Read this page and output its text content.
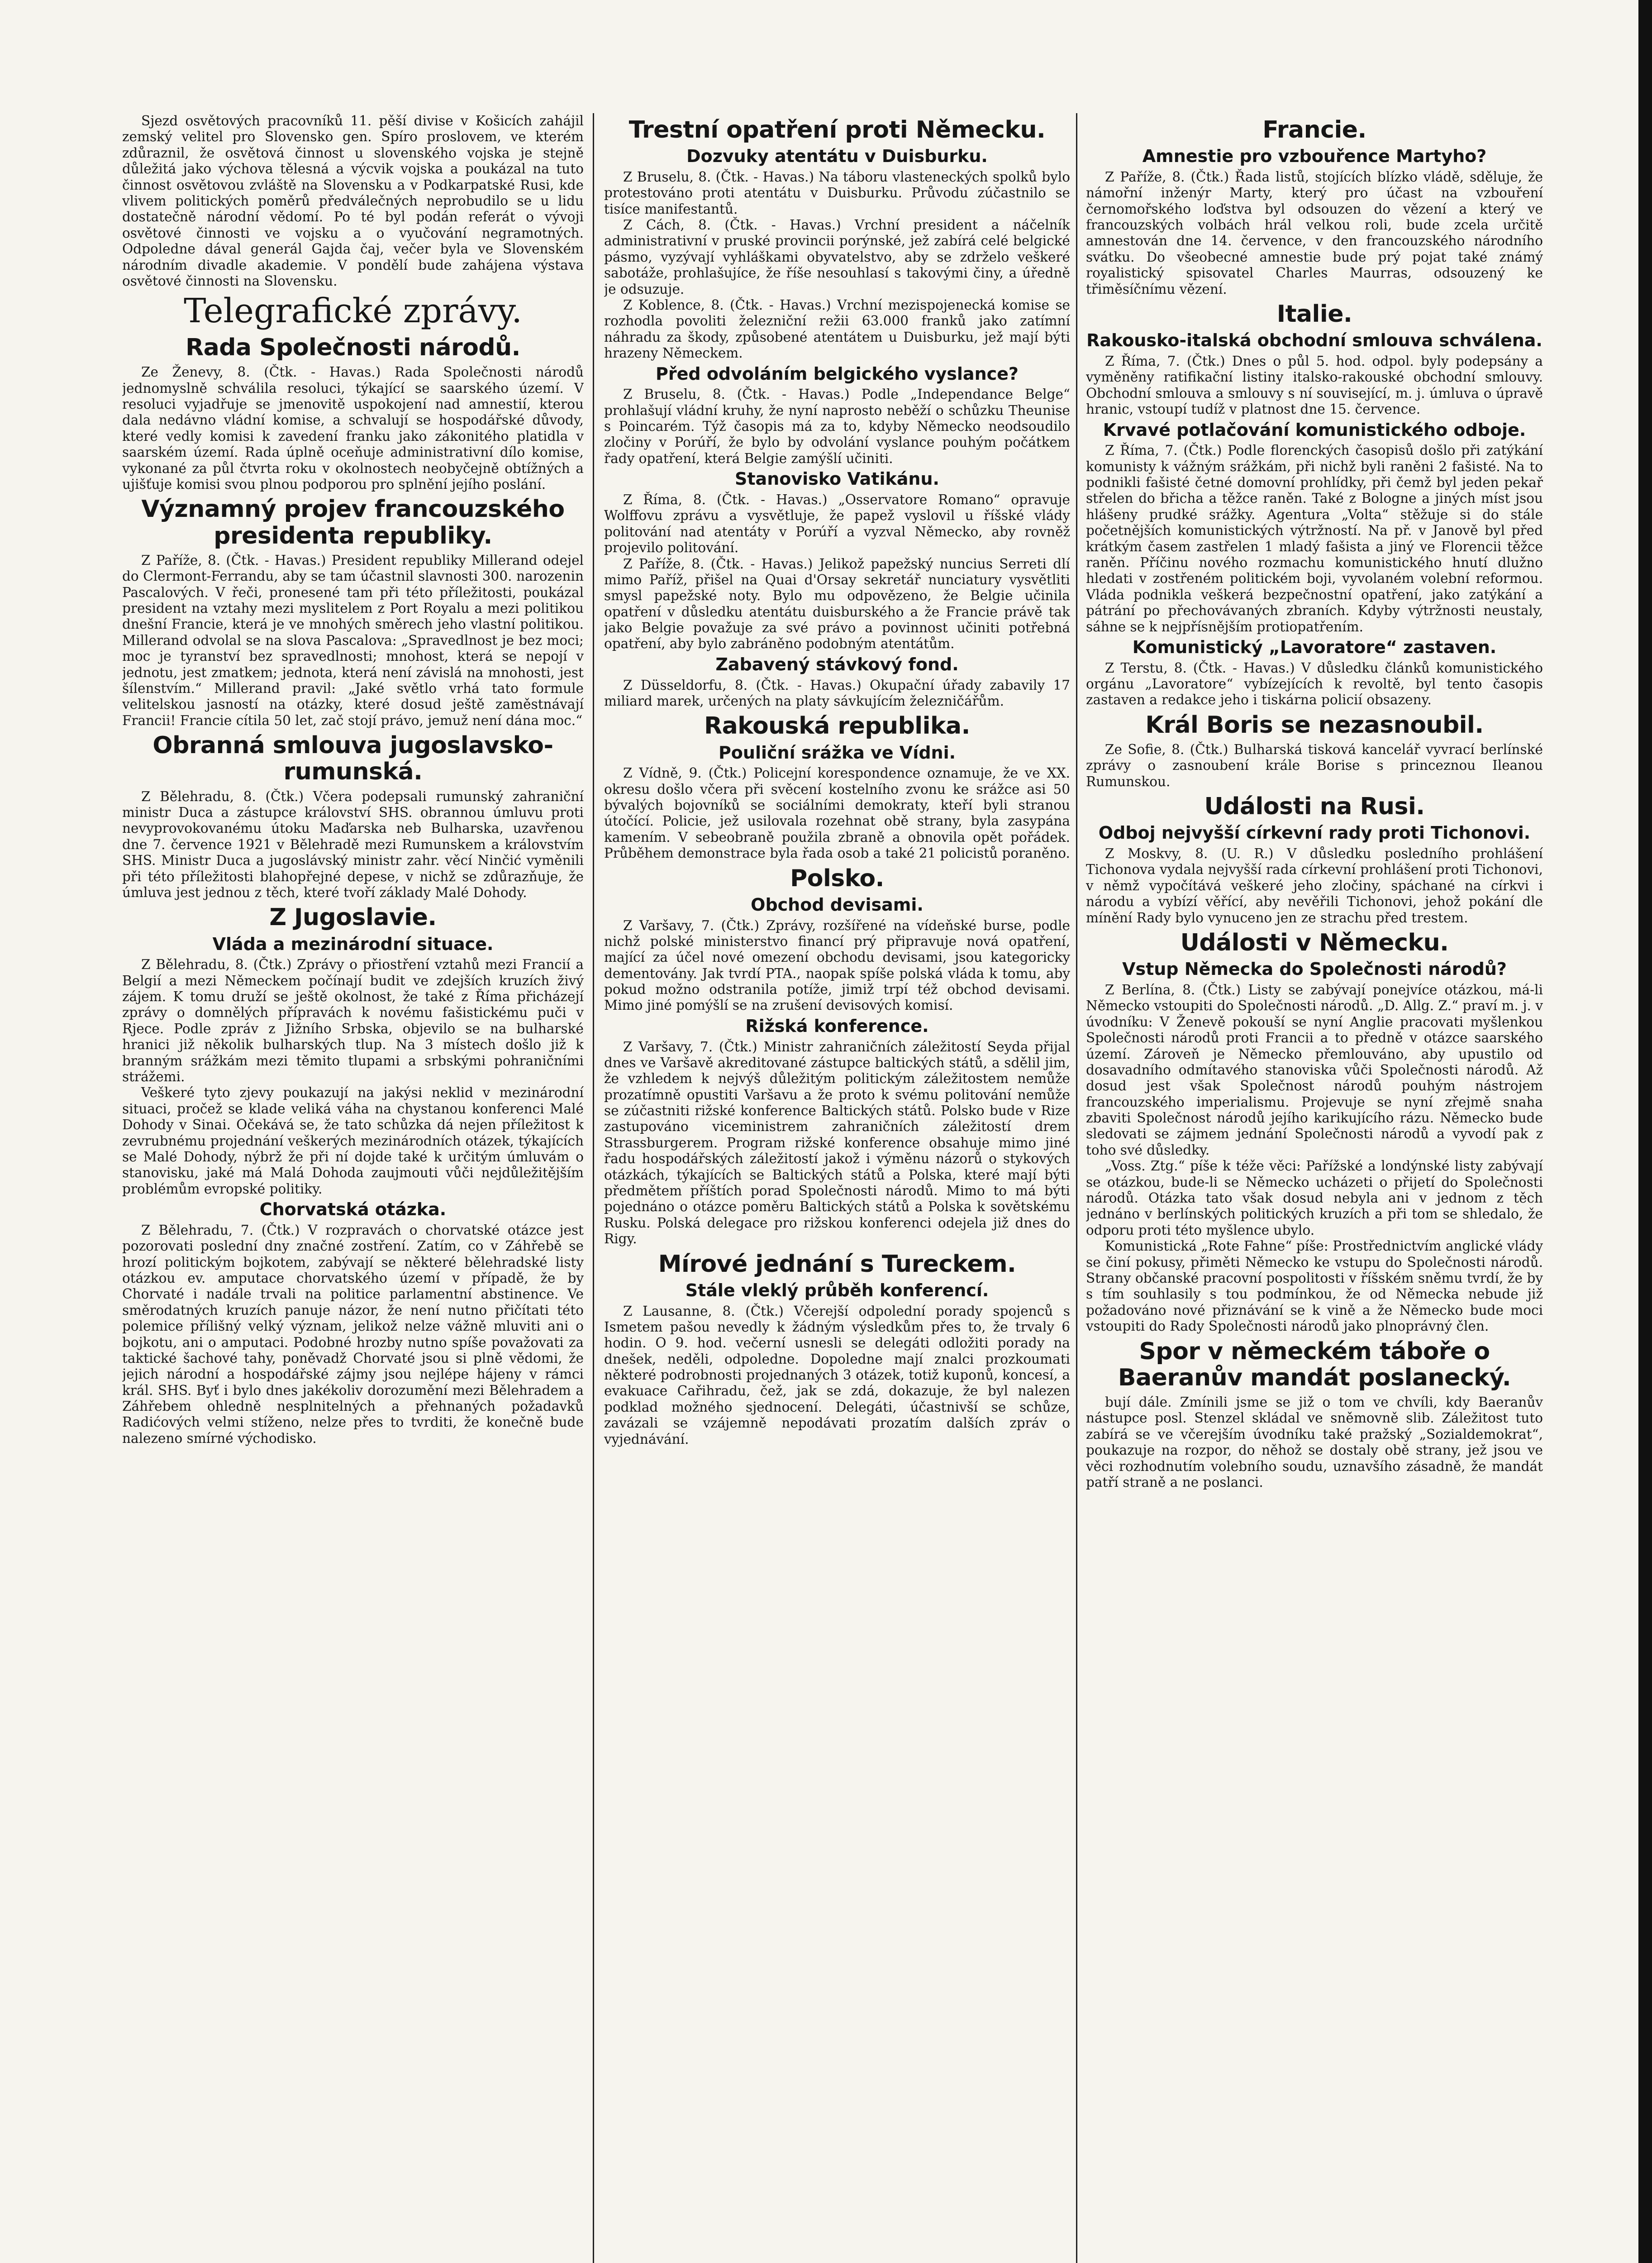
Sjezd osvětových pracovníků 11. pěší divise v Košicích zahájil zemský velitel pro Slovensko gen. Spíro proslovem, ve kterém zdůraznil, že osvětová činnost u slovenského vojska je stejně důležitá jako výchova tělesná a výcvik vojska a poukázal na tuto činnost osvětovou zvláště na Slovensku a v Podkarpatské Rusi, kde vlivem politických poměrů předválečných neprobudilo se u lidu dostatečně národní vědomí. Po té byl podán referát o vývoji osvětové činnosti ve vojsku a o vyučování negramotných. Odpoledne dával generál Gajda čaj, večer byla ve Slovenském národním divadle akademie. V pondělí bude zahájena výstava osvětové činnosti na Slovensku.
Telegrafické zprávy.
Rada Společnosti národů.
Ze Ženevy, 8. (Čtk. - Havas.) Rada Společnosti národů jednomyslně schválila resoluci, týkající se saarského území. V resoluci vyjadřuje se jmenovitě uspokojení nad amnestií, kterou dala nedávno vládní komise, a schvalují se hospodářské důvody, které vedly komisi k zavedení franku jako zákonitého platidla v saarském území. Rada úplně oceňuje administrativní dílo komise, vykonané za půl čtvrta roku v okolnostech neobyčejně obtížných a ujišťuje komisi svou plnou podporou pro splnění jejího poslání.
Významný projev francouzského presidenta republiky.
Z Paříže, 8. (Čtk. - Havas.) President republiky Millerand odejel do Clermont-Ferrandu, aby se tam účastnil slavnosti 300. narozenin Pascalových. V řeči, pronesené tam při této příležitosti, poukázal president na vztahy mezi myslitelem z Port Royalu a mezi politikou dnešní Francie, která je ve mnohých směrech jeho vlastní politikou. Millerand odvolal se na slova Pascalova: „Spravedlnost je bez moci; moc je tyranství bez spravedlnosti; mnohost, která se nepojí v jednotu, jest zmatkem; jednota, která není závislá na mnohosti, jest šílenstvím.“ Millerand pravil: „Jaké světlo vrhá tato formule velitelskou jasností na otázky, které dosud ještě zaměstnávají Francii! Francie cítila 50 let, zač stojí právo, jemuž není dána moc.“
Obranná smlouva jugoslavsko-rumunská.
Z Bělehradu, 8. (Čtk.) Včera podepsali rumunský zahraniční ministr Duca a zástupce království SHS. obrannou úmluvu proti nevyprovokovanému útoku Maďarska neb Bulharska, uzavřenou dne 7. července 1921 v Bělehradě mezi Rumunskem a královstvím SHS. Ministr Duca a jugoslávský ministr zahr. věcí Ninčić vyměnili při této příležitosti blahopřejné depese, v nichž se zdůrazňuje, že úmluva jest jednou z těch, které tvoří základy Malé Dohody.
Z Jugoslavie.
Vláda a mezinárodní situace.
Z Bělehradu, 8. (Čtk.) Zprávy o přiostření vztahů mezi Francií a Belgií a mezi Německem počínají budit ve zdejších kruzích živý zájem. K tomu druží se ještě okolnost, že také z Říma přicházejí zprávy o domnělých přípravách k novému fašistickému puči v Rjece. Podle zpráv z Jižního Srbska, objevilo se na bulharské hranici již několik bulharských tlup. Na 3 místech došlo již k branným srážkám mezi těmito tlupami a srbskými pohraničními strážemi.
Veškeré tyto zjevy poukazují na jakýsi neklid v mezinárodní situaci, pročež se klade veliká váha na chystanou konferenci Malé Dohody v Sinai. Očekává se, že tato schůzka dá nejen příležitost k zevrubnému projednání veškerých mezinárodních otázek, týkajících se Malé Dohody, nýbrž že při ní dojde také k určitým úmluvám o stanovisku, jaké má Malá Dohoda zaujmouti vůči nejdůležitějším problémům evropské politiky.
Chorvatská otázka.
Z Bělehradu, 7. (Čtk.) V rozpravách o chorvatské otázce jest pozorovati poslední dny značné zostření. Zatím, co v Záhřebě se hrozí politickým bojkotem, zabývají se některé bělehradské listy otázkou ev. amputace chorvatského území v případě, že by Chorvaté i nadále trvali na politice parlamentní abstinence. Ve směrodatných kruzích panuje názor, že není nutno přičítati této polemice přílišný velký význam, jelikož nelze vážně mluviti ani o bojkotu, ani o amputaci. Podobné hrozby nutno spíše považovati za taktické šachové tahy, poněvadž Chorvaté jsou si plně vědomi, že jejich národní a hospodářské zájmy jsou nejlépe hájeny v rámci král. SHS. Byť i bylo dnes jakékoliv dorozumění mezi Bělehradem a Záhřebem ohledně nesplnitelných a přehnaných požadavků Radićových velmi stíženo, nelze přes to tvrditi, že konečně bude nalezeno smírné východisko.
Trestní opatření proti Německu.
Dozvuky atentátu v Duisburku.
Z Bruselu, 8. (Čtk. - Havas.) Na táboru vlasteneckých spolků bylo protestováno proti atentátu v Duisburku. Průvodu zúčastnilo se tisíce manifestantů.
Z Cách, 8. (Čtk. - Havas.) Vrchní president a náčelník administrativní v pruské provincii porýnské, jež zabírá celé belgické pásmo, vyzývají vyhláškami obyvatelstvo, aby se zdrželo veškeré sabotáže, prohlašujíce, že říše nesouhlasí s takovými činy, a úředně je odsuzuje.
Z Koblence, 8. (Čtk. - Havas.) Vrchní mezispojenecká komise se rozhodla povoliti železniční režii 63.000 franků jako zatímní náhradu za škody, způsobené atentátem u Duisburku, jež mají býti hrazeny Německem.
Před odvoláním belgického vyslance?
Z Bruselu, 8. (Čtk. - Havas.) Podle „Independance Belge“ prohlašují vládní kruhy, že nyní naprosto neběží o schůzku Theunise s Poincarém. Týž časopis má za to, kdyby Německo neodsoudilo zločiny v Porúří, že bylo by odvolání vyslance pouhým počátkem řady opatření, která Belgie zamýšlí učiniti.
Stanovisko Vatikánu.
Z Říma, 8. (Čtk. - Havas.) „Osservatore Romano“ opravuje Wolffovu zprávu a vysvětluje, že papež vyslovil u říšské vlády politování nad atentáty v Porúří a vyzval Německo, aby rovněž projevilo politování.
Z Paříže, 8. (Čtk. - Havas.) Jelikož papežský nuncius Serreti dlí mimo Paříž, přišel na Quai d'Orsay sekretář nunciatury vysvětliti smysl papežské noty. Bylo mu odpovězeno, že Belgie učinila opatření v důsledku atentátu duisburského a že Francie právě tak jako Belgie považuje za své právo a povinnost učiniti potřebná opatření, aby bylo zabráněno podobným atentátům.
Zabavený stávkový fond.
Z Düsseldorfu, 8. (Čtk. - Havas.) Okupační úřady zabavily 17 miliard marek, určených na platy sávkujícím železničářům.
Rakouská republika.
Pouliční srážka ve Vídni.
Z Vídně, 9. (Čtk.) Policejní korespondence oznamuje, že ve XX. okresu došlo včera při svěcení kostelního zvonu ke srážce asi 50 bývalých bojovníků se sociálními demokraty, kteří byli stranou útočící. Policie, jež usilovala rozehnat obě strany, byla zasypána kamením. V sebeobraně použila zbraně a obnovila opět pořádek. Průběhem demonstrace byla řada osob a také 21 policistů poraněno.
Polsko.
Obchod devisami.
Z Varšavy, 7. (Čtk.) Zprávy, rozšířené na vídeňské burse, podle nichž polské ministerstvo financí prý připravuje nová opatření, mající za účel nové omezení obchodu devisami, jsou kategoricky dementovány. Jak tvrdí PTA., naopak spíše polská vláda k tomu, aby pokud možno odstranila potíže, jimiž trpí též obchod devisami. Mimo jiné pomýšlí se na zrušení devisových komisí.
Rižská konference.
Z Varšavy, 7. (Čtk.) Ministr zahraničních záležitostí Seyda přijal dnes ve Varšavě akreditované zástupce baltických států, a sdělil jim, že vzhledem k nejvýš důležitým politickým záležitostem nemůže prozatímně opustiti Varšavu a že proto k svému politování nemůže se zúčastniti rižské konference Baltických států. Polsko bude v Rize zastupováno viceministrem zahraničních záležitostí drem Strassburgerem. Program rižské konference obsahuje mimo jiné řadu hospodářských záležitostí jakož i výměnu názorů o stykových otázkách, týkajících se Baltických států a Polska, které mají býti předmětem příštích porad Společnosti národů. Mimo to má býti pojednáno o otázce poměru Baltických států a Polska k sovětskému Rusku. Polská delegace pro rižskou konferenci odejela již dnes do Rigy.
Mírové jednání s Tureckem.
Stále vleklý průběh konferencí.
Z Lausanne, 8. (Čtk.) Včerejší odpolední porady spojenců s Ismetem pašou nevedly k žádným výsledkům přes to, že trvaly 6 hodin. O 9. hod. večerní usnesli se delegáti odložiti porady na dnešek, neděli, odpoledne. Dopoledne mají znalci prozkoumati některé podrobnosti projednaných 3 otázek, totiž kuponů, koncesí, a evakuace Cařihradu, čež, jak se zdá, dokazuje, že byl nalezen podklad možného sjednocení. Delegáti, účastnivší se schůze, zavázali se vzájemně nepodávati prozatím dalších zpráv o vyjednávání.
Francie.
Amnestie pro vzbouřence Martyho?
Z Paříže, 8. (Čtk.) Řada listů, stojících blízko vládě, sděluje, že námořní inženýr Marty, který pro účast na vzbouření černomořského loďstva byl odsouzen do vězení a který ve francouzských volbách hrál velkou roli, bude zcela určitě amnestován dne 14. července, v den francouzského národního svátku. Do všeobecné amnestie bude prý pojat také známý royalistický spisovatel Charles Maurras, odsouzený ke třiměsíčnímu vězení.
Italie.
Rakousko-italská obchodní smlouva schválena.
Z Říma, 7. (Čtk.) Dnes o půl 5. hod. odpol. byly podepsány a vyměněny ratifikační listiny italsko-rakouské obchodní smlouvy. Obchodní smlouva a smlouvy s ní související, m. j. úmluva o úpravě hranic, vstoupí tudíž v platnost dne 15. července.
Krvavé potlačování komunistického odboje.
Z Říma, 7. (Čtk.) Podle florenckých časopisů došlo při zatýkání komunisty k vážným srážkám, při nichž byli raněni 2 fašisté. Na to podnikli fašisté četné domovní prohlídky, při čemž byl jeden pekař střelen do břicha a těžce raněn. Také z Bologne a jiných míst jsou hlášeny prudké srážky. Agentura „Volta“ stěžuje si do stále početnějších komunistických výtržností. Na př. v Janově byl před krátkým časem zastřelen 1 mladý fašista a jiný ve Florencii těžce raněn. Příčinu nového rozmachu komunistického hnutí dlužno hledati v zostřeném politickém boji, vyvolaném volební reformou. Vláda podnikla veškerá bezpečnostní opatření, jako zatýkání a pátrání po přechovávaných zbraních. Kdyby výtržnosti neustaly, sáhne se k nejpřísnějším protiopatřením.
Komunistický „Lavoratore“ zastaven.
Z Terstu, 8. (Čtk. - Havas.) V důsledku článků komunistického orgánu „Lavoratore“ vybízejících k revoltě, byl tento časopis zastaven a redakce jeho i tiskárna policií obsazeny.
Král Boris se nezasnoubil.
Ze Sofie, 8. (Čtk.) Bulharská tisková kancelář vyvrací berlínské zprávy o zasnoubení krále Borise s princeznou Ileanou Rumunskou.
Události na Rusi.
Odboj nejvyšší církevní rady proti Tichonovi.
Z Moskvy, 8. (U. R.) V důsledku posledního prohlášení Tichonova vydala nejvyšší rada církevní prohlášení proti Tichonovi, v němž vypočítává veškeré jeho zločiny, spáchané na církvi i národu a vybízí věřící, aby nevěřili Tichonovi, jehož pokání dle mínění Rady bylo vynuceno jen ze strachu před trestem.
Události v Německu.
Vstup Německa do Společnosti národů?
Z Berlína, 8. (Čtk.) Listy se zabývají ponejvíce otázkou, má-li Německo vstoupiti do Společnosti národů. „D. Allg. Z.“ praví m. j. v úvodníku: V Ženevě pokouší se nyní Anglie pracovati myšlenkou Společnosti národů proti Francii a to předně v otázce saarského území. Zároveň je Německo přemlouváno, aby upustilo od dosavadního odmítavého stanoviska vůči Společnosti národů. Až dosud jest však Společnost národů pouhým nástrojem francouzského imperialismu. Projevuje se nyní zřejmě snaha zbaviti Společnost národů jejího karikujícího rázu. Německo bude sledovati se zájmem jednání Společnosti národů a vyvodí pak z toho své důsledky.
„Voss. Ztg.“ píše k téže věci: Pařížské a londýnské listy zabývají se otázkou, bude-li se Německo ucházeti o přijetí do Společnosti národů. Otázka tato však dosud nebyla ani v jednom z těch jednáno v berlínských politických kruzích a při tom se shledalo, že odporu proti této myšlence ubylo.
Komunistická „Rote Fahne“ píše: Prostřednictvím anglické vlády se činí pokusy, přiměti Německo ke vstupu do Společnosti národů. Strany občanské pracovní pospolitosti v říšském sněmu tvrdí, že by s tím souhlasily s tou podmínkou, že od Německa nebude již požadováno nové přiznávání se k vině a že Německo bude moci vstoupiti do Rady Společnosti národů jako plnoprávný člen.
Spor v německém táboře o Baeranův mandát poslanecký.
bují dále. Zmínili jsme se již o tom ve chvíli, kdy Baeranův nástupce posl. Stenzel skládal ve sněmovně slib. Záležitost tuto zabírá se ve včerejším úvodníku také pražský „Sozialdemokrat“, poukazuje na rozpor, do něhož se dostaly obě strany, jež jsou ve věci rozhodnutím volebního soudu, uznavšího zásadně, že mandát patří straně a ne poslanci.
